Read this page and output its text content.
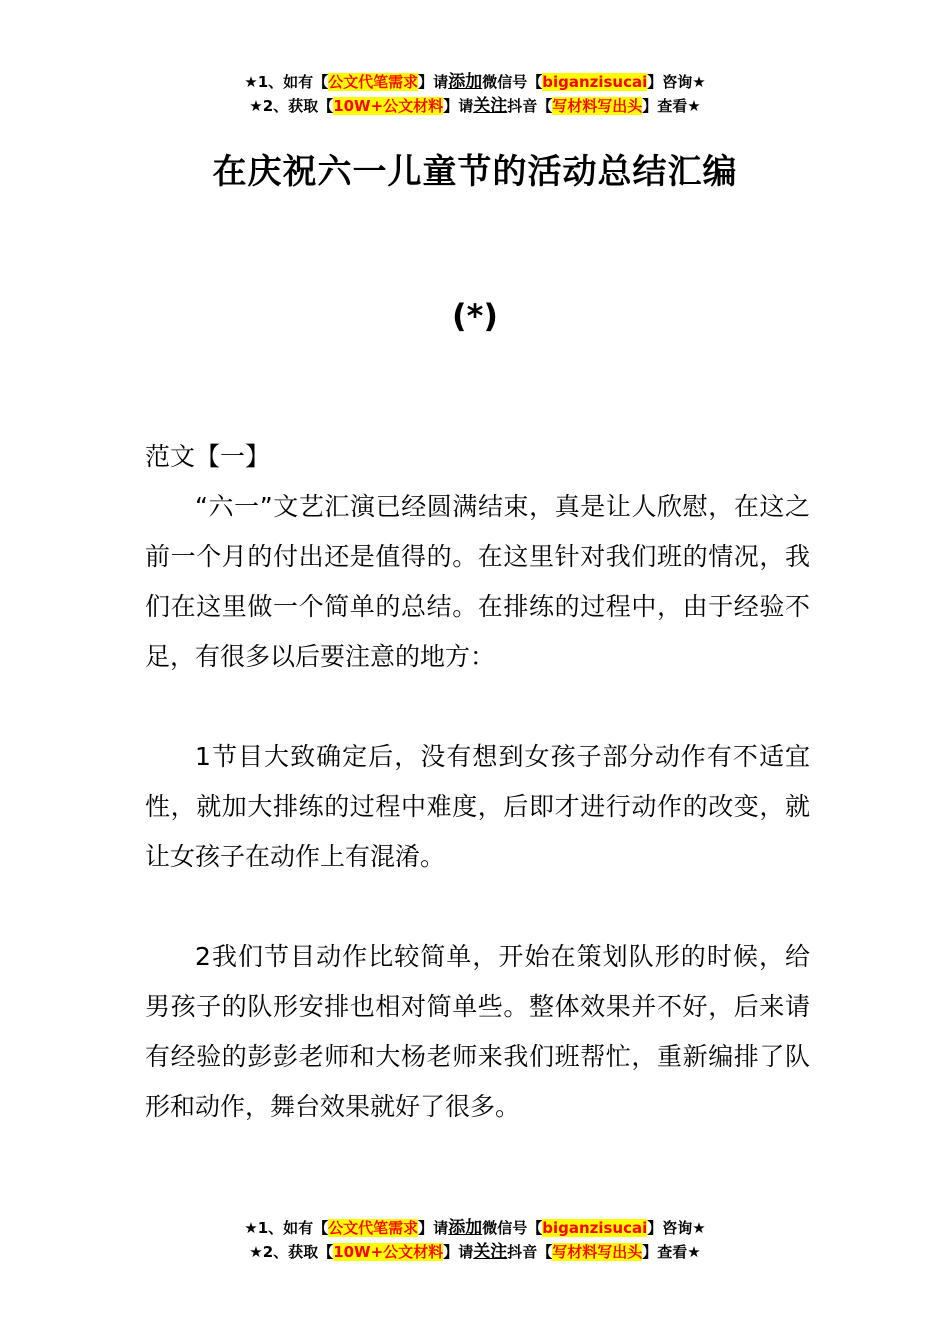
★1、如有【公文代笔需求】请添加微信号【biganzisucai】咨询★
★2、获取【10W+公文材料】请关注抖音【写材料写出头】查看★
在庆祝六一儿童节的活动总结汇编
(*)

范文【一】

“六一”文艺汇演已经圆满结束，真是让人欣慰，在这之前一个月的付出还是值得的。在这里针对我们班的情况，我们在这里做一个简单的总结。在排练的过程中，由于经验不足，有很多以后要注意的地方：

1节目大致确定后，没有想到女孩子部分动作有不适宜性，就加大排练的过程中难度，后即才进行动作的改变，就让女孩子在动作上有混淆。

2我们节目动作比较简单，开始在策划队形的时候，给男孩子的队形安排也相对简单些。整体效果并不好，后来请有经验的彭彭老师和大杨老师来我们班帮忙，重新编排了队形和动作，舞台效果就好了很多。

★1、如有【公文代笔需求】请添加微信号【biganzisucai】咨询★
★2、获取【10W+公文材料】请关注抖音【写材料写出头】查看★
